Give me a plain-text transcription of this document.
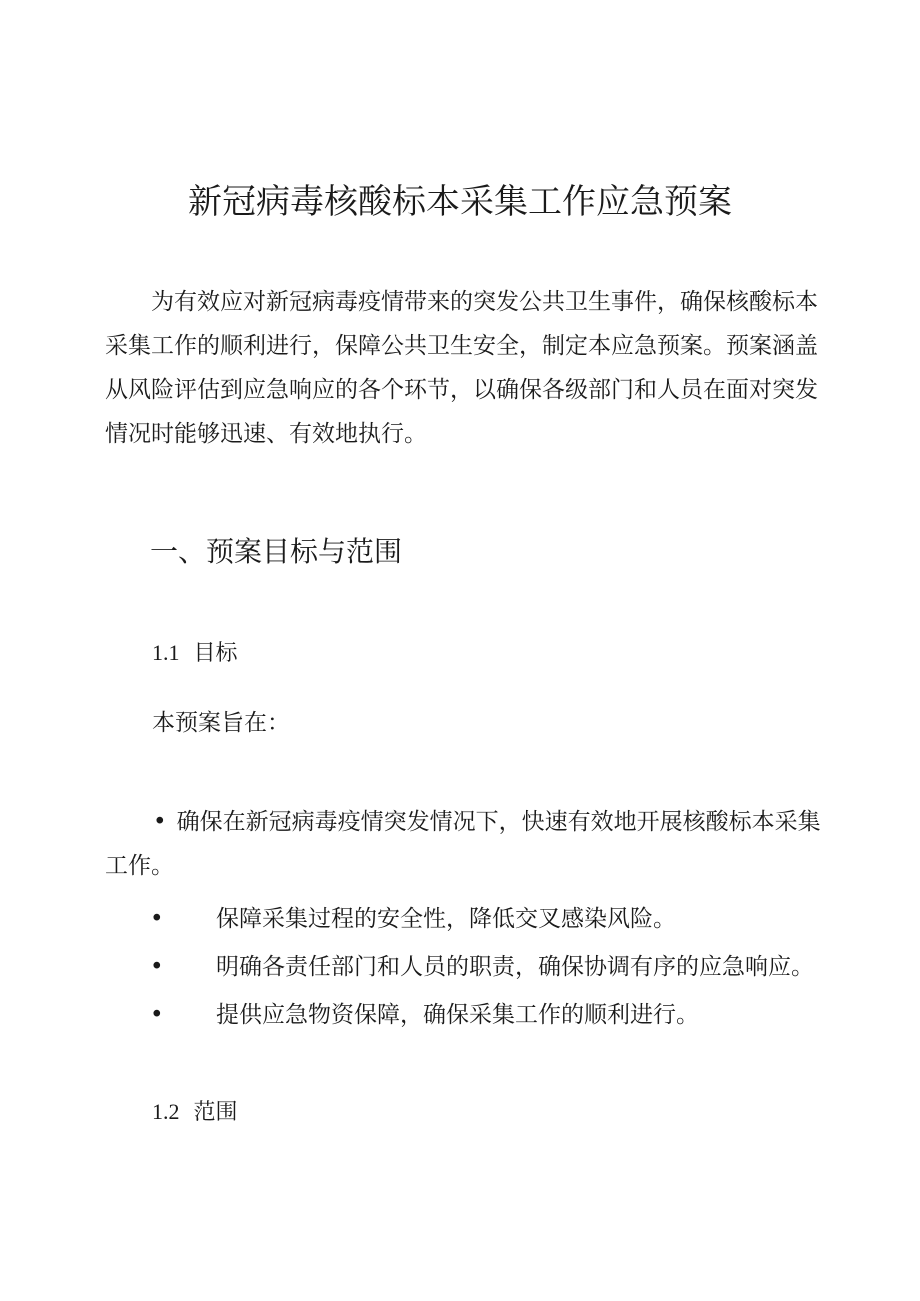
新冠病毒核酸标本采集工作应急预案

为有效应对新冠病毒疫情带来的突发公共卫生事件，确保核酸标本采集工作的顺利进行，保障公共卫生安全，制定本应急预案。预案涵盖从风险评估到应急响应的各个环节，以确保各级部门和人员在面对突发情况时能够迅速、有效地执行。

一、预案目标与范围
1.1 目标

本预案旨在：

• 确保在新冠病毒疫情突发情况下，快速有效地开展核酸标本采集工作。

• 保障采集过程的安全性，降低交叉感染风险。
• 明确各责任部门和人员的职责，确保协调有序的应急响应。
• 提供应急物资保障，确保采集工作的顺利进行。
1.2 范围
